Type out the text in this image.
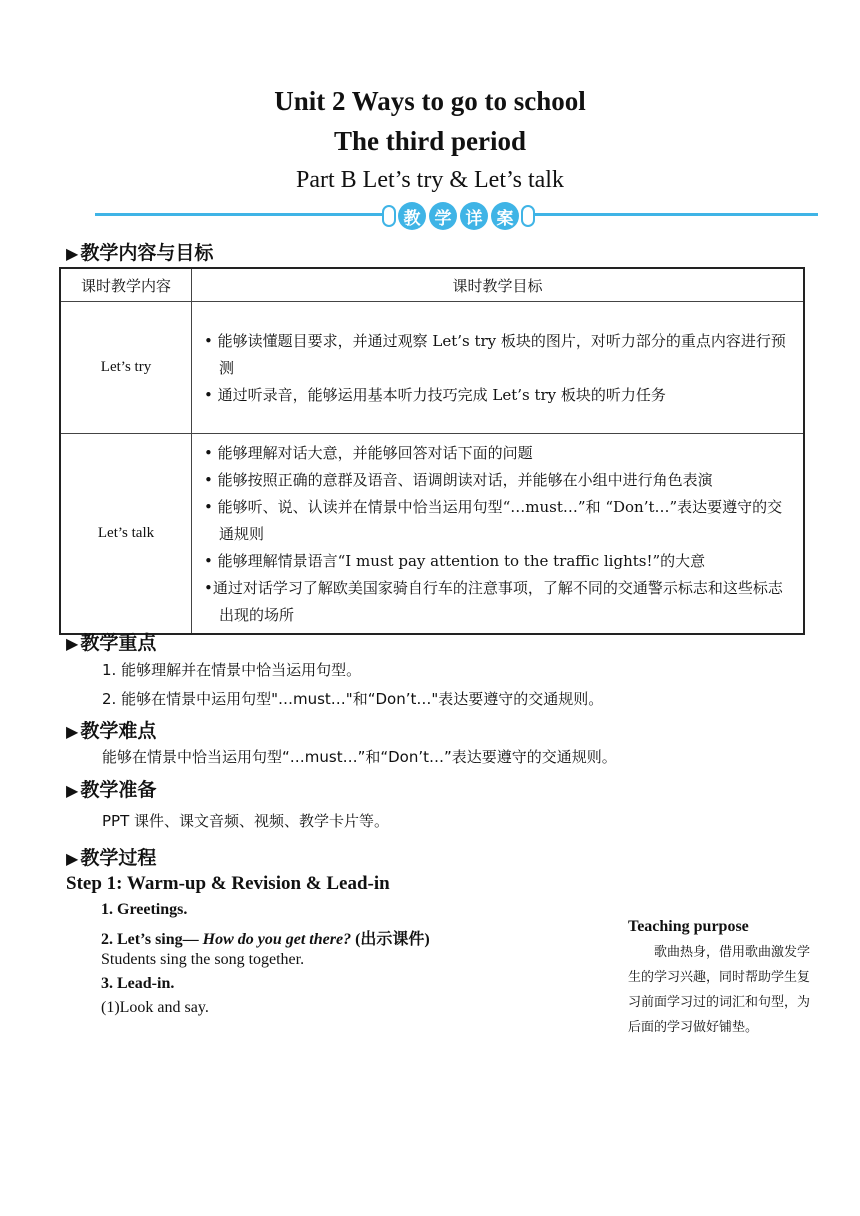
Unit 2 Ways to go to school
The third period
Part B Let’s try & Let’s talk
教 学 详 案
▶ 教学内容与目标
课时教学内容	课时教学目标
Let’s try	• 能够读懂题目要求，并通过观察 Let’s try 板块的图片，对听力部分的重点内容进行预测
• 通过听录音，能够运用基本听力技巧完成 Let’s try 板块的听力任务

Let’s talk	• 能够理解对话大意，并能够回答对话下面的问题
• 能够按照正确的意群及语音、语调朗读对话，并能够在小组中进行角色表演
• 能够听、说、认读并在情景中恰当运用句型“…must…”和 “Don’t…”表达要遵守的交通规则
• 能够理解情景语言“I must pay attention to the traffic lights!”的大意
•通过对话学习了解欧美国家骑自行车的注意事项，了解不同的交通警示标志和这些标志出现的场所
▶ 教学重点
1. 能够理解并在情景中恰当运用句型。
2. 能够在情景中运用句型"…must…"和“Don’t…"表达要遵守的交通规则。
▶ 教学难点
能够在情景中恰当运用句型“…must…”和“Don’t…”表达要遵守的交通规则。
▶ 教学准备
PPT 课件、课文音频、视频、教学卡片等。
▶ 教学过程
Step 1: Warm-up & Revision & Lead-in
1. Greetings.
2. Let’s sing— How do you get there? (出示课件)
Students sing the song together.
3. Lead-in.
(1)Look and say.
Teaching purpose
歌曲热身，借用歌曲激发学生的学习兴趣，同时帮助学生复习前面学习过的词汇和句型，为后面的学习做好铺垫。
